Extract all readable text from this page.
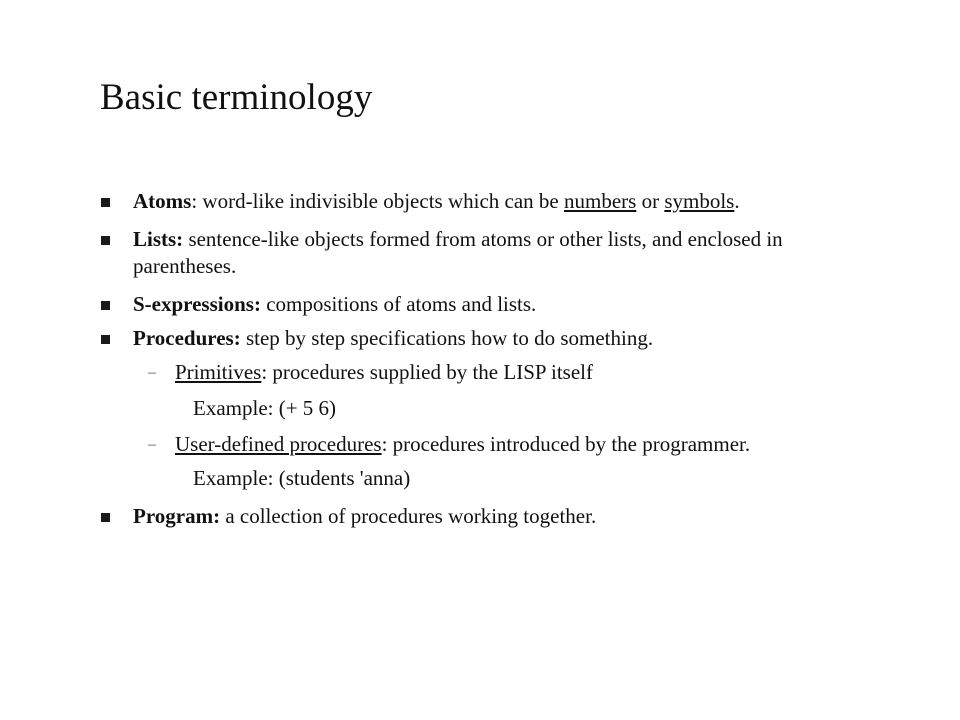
Basic terminology
Atoms: word-like indivisible objects which can be numbers or symbols.
Lists: sentence-like objects formed from atoms or other lists, and enclosed in parentheses.
S-expressions: compositions of atoms and lists.
Procedures: step by step specifications how to do something.
– Primitives: procedures supplied by the LISP itself
Example: (+ 5 6)
– User-defined procedures: procedures introduced by the programmer.
Example: (students 'anna)
Program: a collection of procedures working together.
